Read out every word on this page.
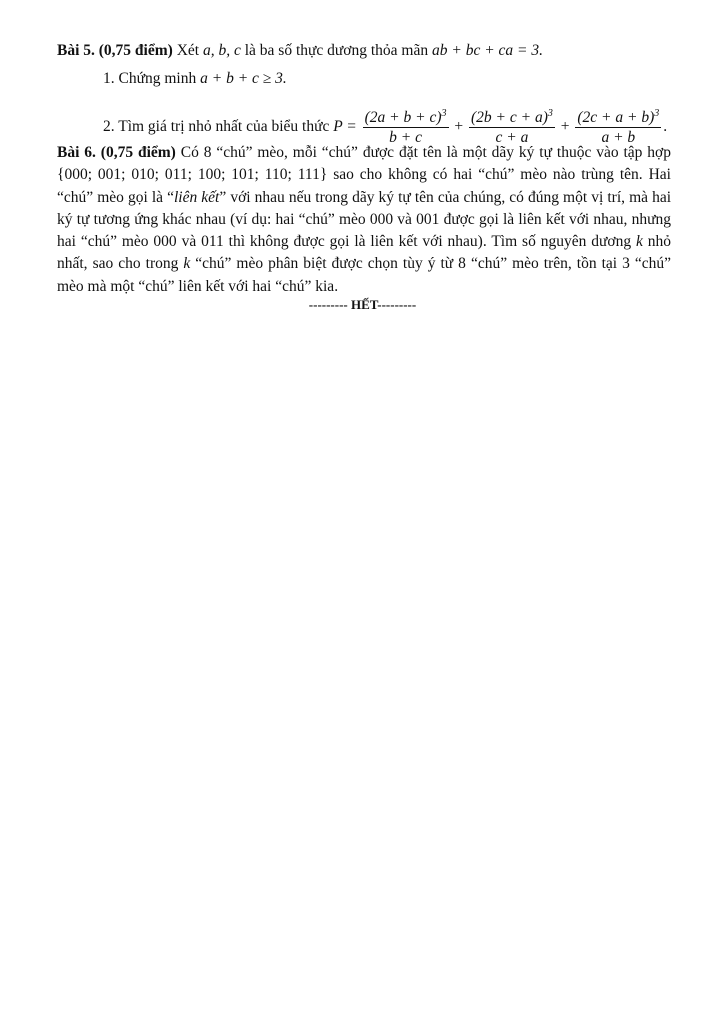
Bài 5. (0,75 điểm) Xét a, b, c là ba số thực dương thỏa mãn ab + bc + ca = 3.
1. Chứng minh a + b + c ≥ 3.
2. Tìm giá trị nhỏ nhất của biểu thức $P = \frac{(2a + b + c)^3}{b + c} + \frac{(2b + c + a)^3}{c + a} + \frac{(2c + a + b)^3}{a + b}$ .
Bài 6. (0,75 điểm) Có 8 “chú” mèo, mỗi “chú” được đặt tên là một dãy ký tự thuộc vào tập hợp {000; 001; 010; 011; 100; 101; 110; 111} sao cho không có hai “chú” mèo nào trùng tên. Hai “chú” mèo gọi là “liên kết” với nhau nếu trong dãy ký tự tên của chúng, có đúng một vị trí, mà hai ký tự tương ứng khác nhau (ví dụ: hai “chú” mèo 000 và 001 được gọi là liên kết với nhau, nhưng hai “chú” mèo 000 và 011 thì không được gọi là liên kết với nhau). Tìm số nguyên dương k nhỏ nhất, sao cho trong k “chú” mèo phân biệt được chọn tùy ý từ 8 “chú” mèo trên, tồn tại 3 “chú” mèo mà một “chú” liên kết với hai “chú” kia.
--------- HẾT---------
